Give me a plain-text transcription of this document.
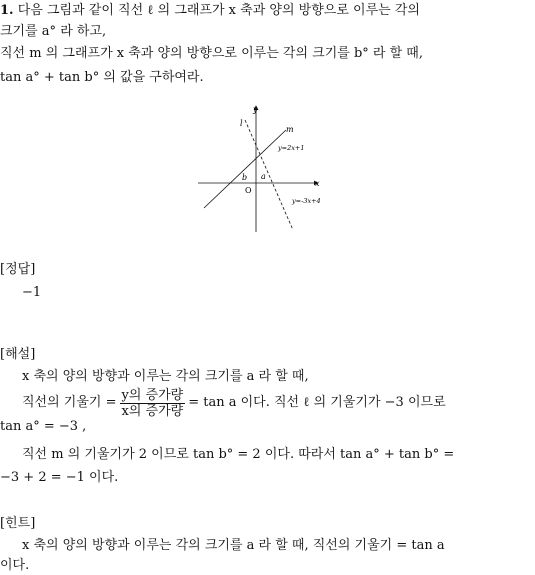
1. 다음 그림과 같이 직선 ℓ 의 그래프가 x 축과 양의 방향으로 이루는 각의
크기를 a° 라 하고,
직선 m 의 그래프가 x 축과 양의 방향으로 이루는 각의 크기를 b° 라 할 때,
tan a° + tan b° 의 값을 구하여라.
y
x
O
l
m
y=2x+1
y=-3x+4
a
b
[정답]
−1
[해설]
x 축의 양의 방향과 이루는 각의 크기를 a 라 할 때,
직선의 기울기 = $\frac{\text{y의 증가량}}{\text{x의 증가량}} = \tan a$ 이다. 직선 ℓ 의 기울기가 −3 이므로
tan a° = −3 ,
직선 m 의 기울기가 2 이므로 tan b° = 2 이다. 따라서 tan a° + tan b° =
−3 + 2 = −1 이다.
[힌트]
x 축의 양의 방향과 이루는 각의 크기를 a 라 할 때, 직선의 기울기 = tan a
이다.
